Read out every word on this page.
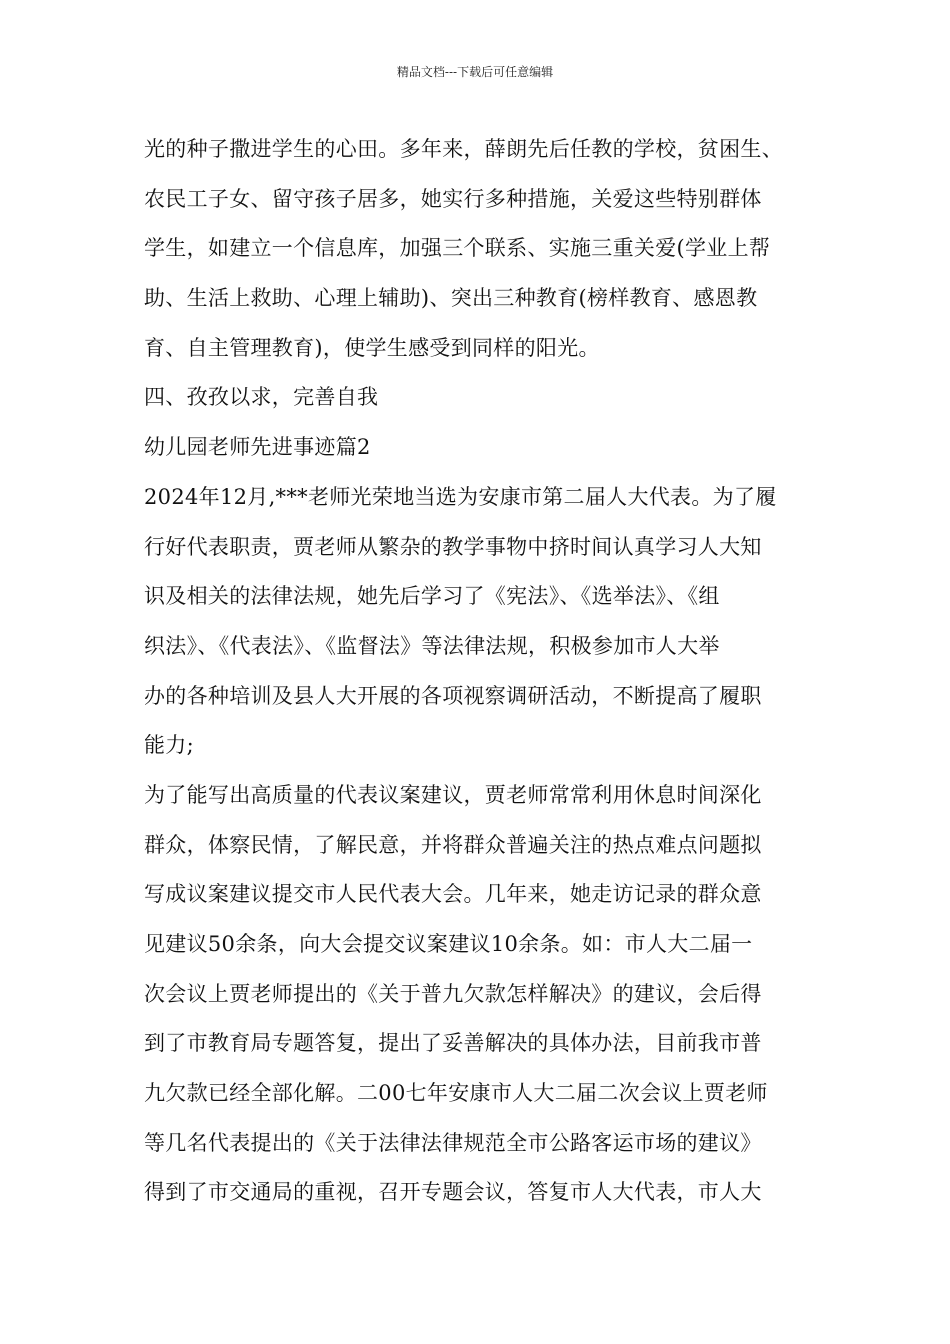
精品文档---下载后可任意编辑
光的种子撒进学生的心田。多年来，薛朗先后任教的学校，贫困生、
农民工子女、留守孩子居多，她实行多种措施，关爱这些特别群体
学生，如建立一个信息库，加强三个联系、实施三重关爱(学业上帮
助、生活上救助、心理上辅助)、突出三种教育(榜样教育、感恩教
育、自主管理教育)，使学生感受到同样的阳光。
四、孜孜以求，完善自我
幼儿园老师先进事迹篇2
2024年12月,***老师光荣地当选为安康市第二届人大代表。为了履
行好代表职责，贾老师从繁杂的教学事物中挤时间认真学习人大知
识及相关的法律法规，她先后学习了《宪法》、《选举法》、《组
织法》、《代表法》、《监督法》等法律法规，积极参加市人大举
办的各种培训及县人大开展的各项视察调研活动，不断提高了履职
能力;
为了能写出高质量的代表议案建议，贾老师常常利用休息时间深化
群众，体察民情，了解民意，并将群众普遍关注的热点难点问题拟
写成议案建议提交市人民代表大会。几年来，她走访记录的群众意
见建议50余条，向大会提交议案建议10余条。如：市人大二届一
次会议上贾老师提出的《关于普九欠款怎样解决》的建议，会后得
到了市教育局专题答复，提出了妥善解决的具体办法，目前我市普
九欠款已经全部化解。二00七年安康市人大二届二次会议上贾老师
等几名代表提出的《关于法律法律规范全市公路客运市场的建议》
得到了市交通局的重视，召开专题会议，答复市人大代表，市人大
